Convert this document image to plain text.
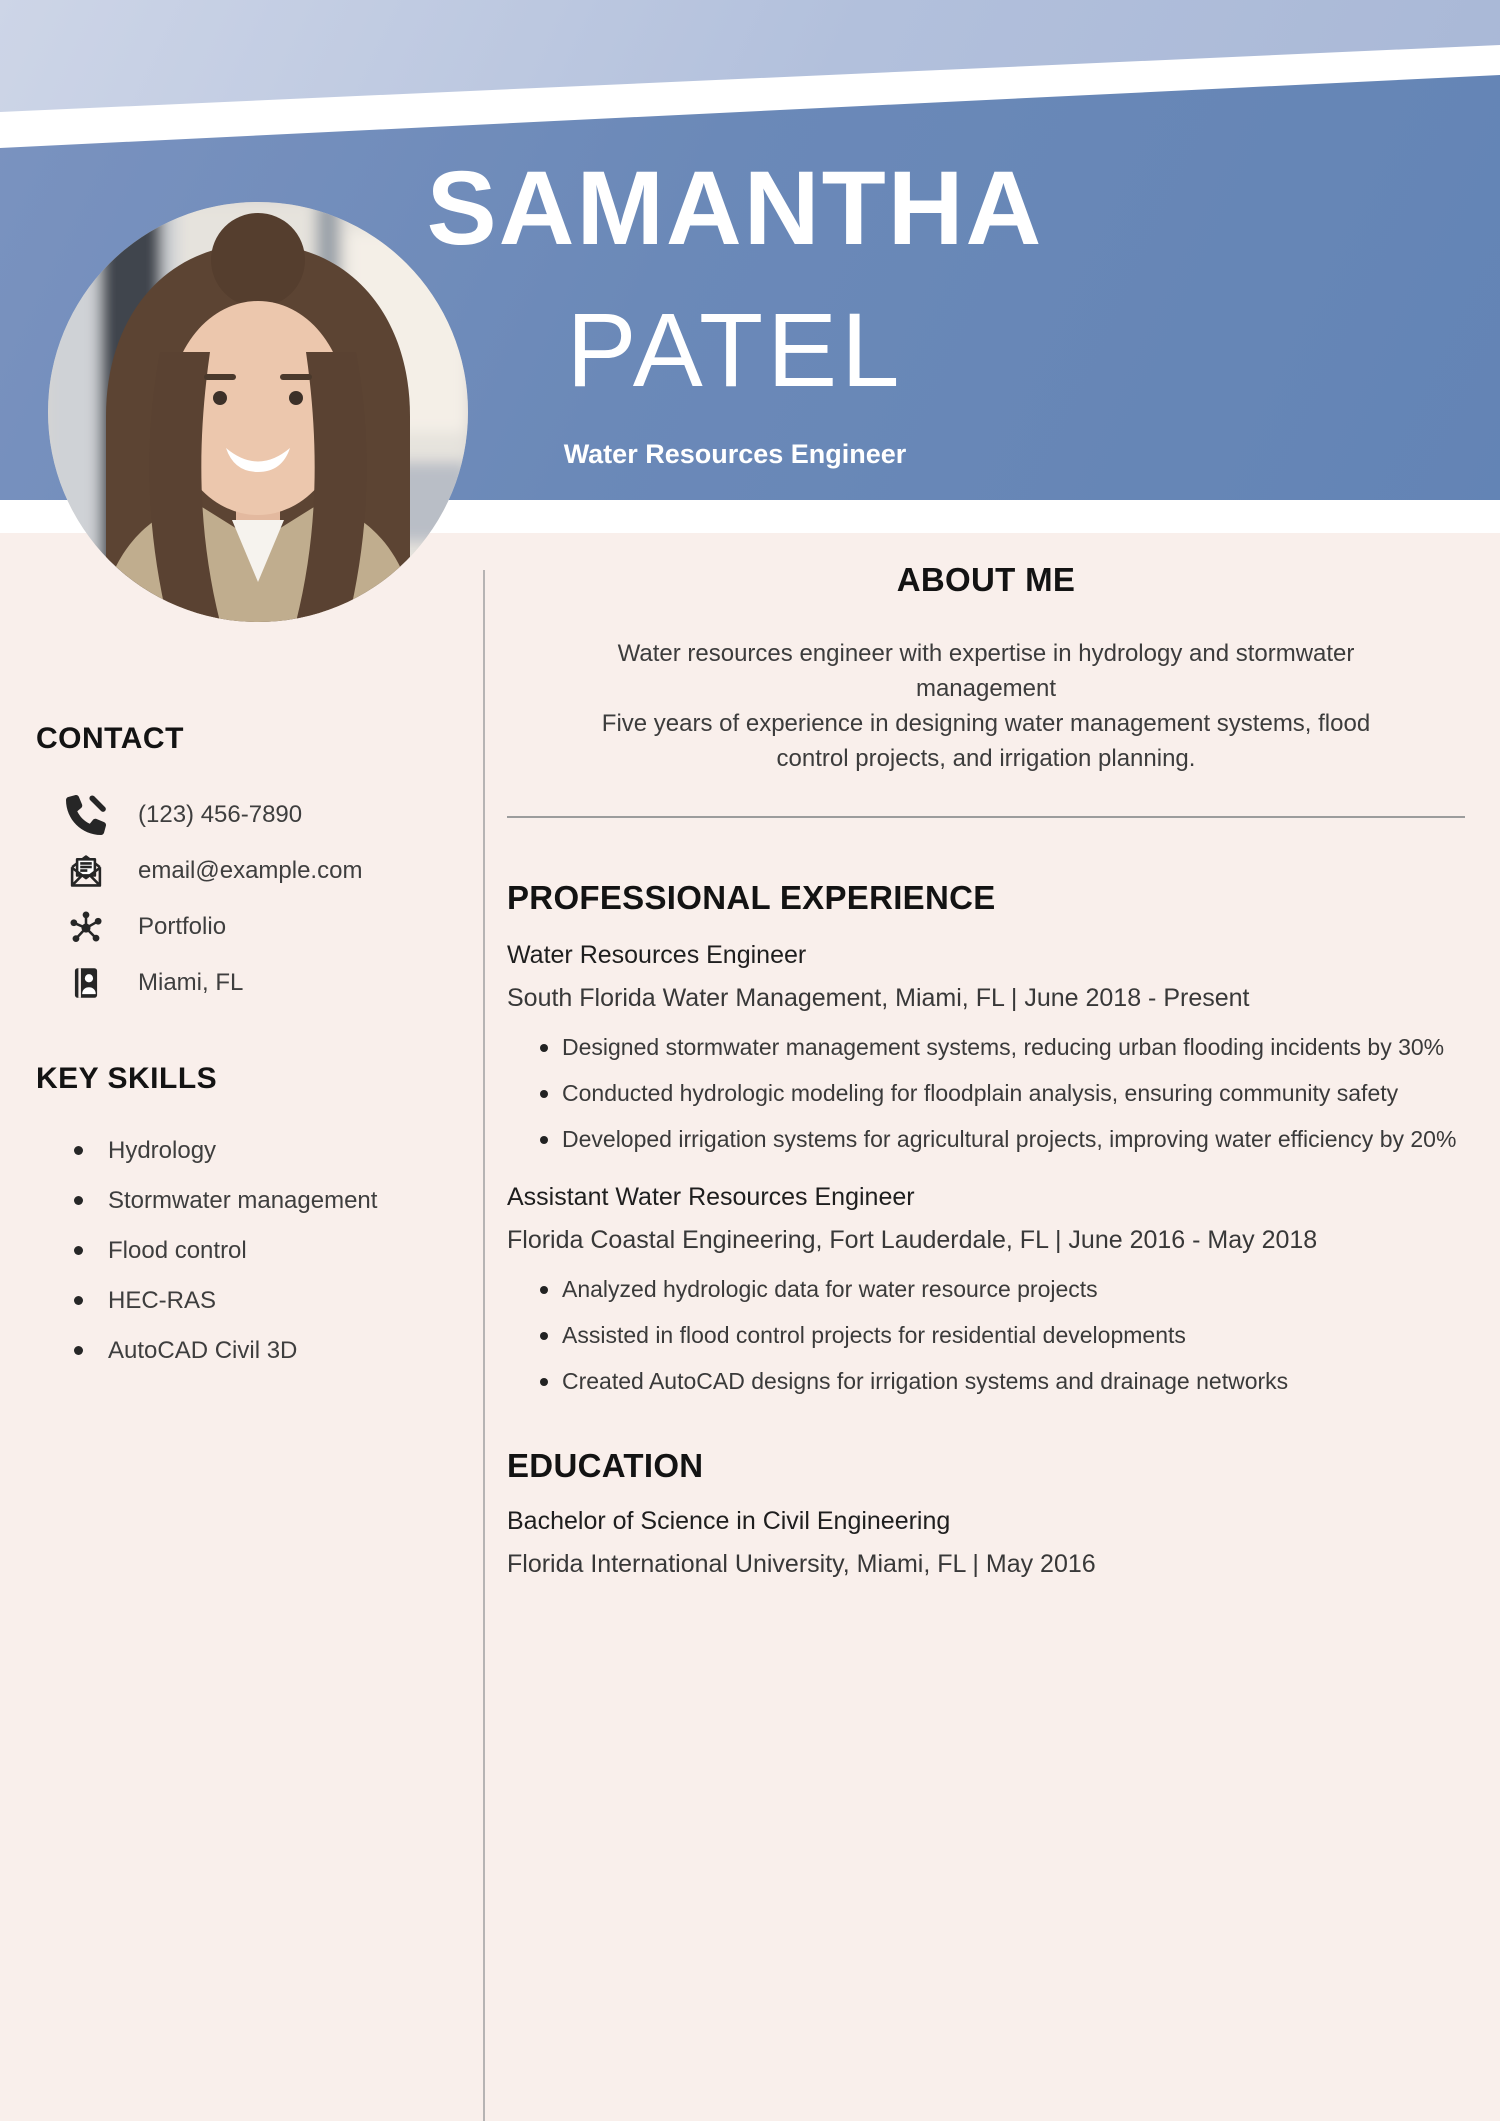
SAMANTHA
PATEL
Water Resources Engineer
CONTACT
(123) 456-7890
email@example.com
Portfolio
Miami, FL
KEY SKILLS
Hydrology
Stormwater management
Flood control
HEC-RAS
AutoCAD Civil 3D
ABOUT ME

Water resources engineer with expertise in hydrology and stormwater management

Five years of experience in designing water management systems, flood control projects, and irrigation planning.

PROFESSIONAL EXPERIENCE
Water Resources Engineer
South Florida Water Management, Miami, FL | June 2018 - Present
Designed stormwater management systems, reducing urban flooding incidents by 30%
Conducted hydrologic modeling for floodplain analysis, ensuring community safety
Developed irrigation systems for agricultural projects, improving water efficiency by 20%
Assistant Water Resources Engineer
Florida Coastal Engineering, Fort Lauderdale, FL | June 2016 - May 2018
Analyzed hydrologic data for water resource projects
Assisted in flood control projects for residential developments
Created AutoCAD designs for irrigation systems and drainage networks
EDUCATION
Bachelor of Science in Civil Engineering
Florida International University, Miami, FL | May 2016
